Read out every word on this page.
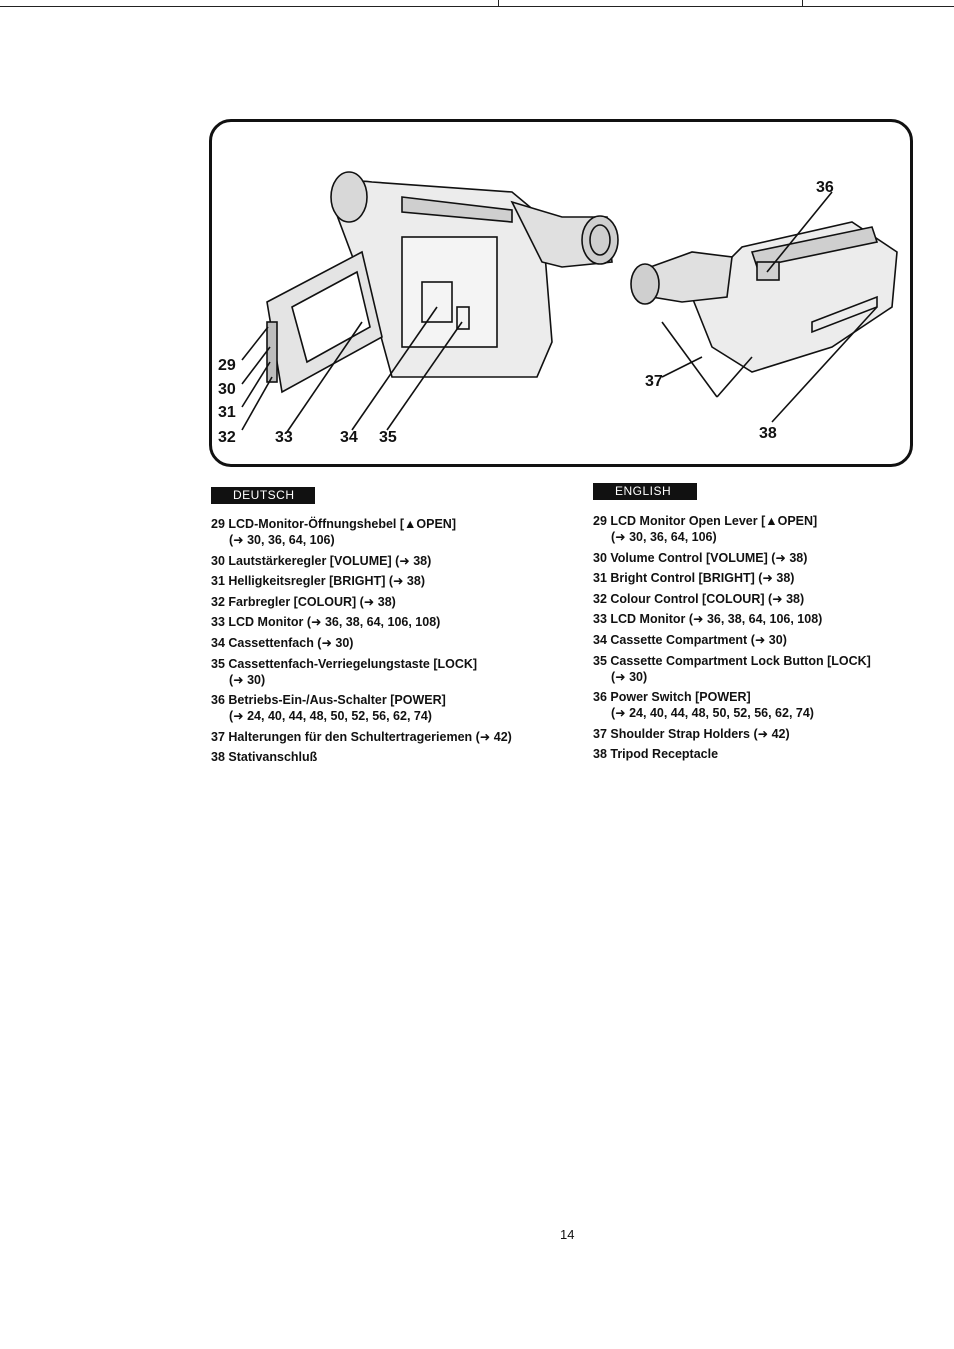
29
30
31
32 33	34 35
36
37
38
DEUTSCH	ENGLISH
29 LCD-Monitor-Öffnungshebel [▲OPEN]
(➜ 30, 36, 64, 106)
30 Lautstärkeregler [VOLUME] (➜ 38)
31 Helligkeitsregler [BRIGHT] (➜ 38)
32 Farbregler [COLOUR] (➜ 38)
33 LCD Monitor (➜ 36, 38, 64, 106, 108)
34 Cassettenfach (➜ 30)
35 Cassettenfach-Verriegelungstaste [LOCK]
(➜ 30)
36 Betriebs-Ein-/Aus-Schalter [POWER]
(➜ 24, 40, 44, 48, 50, 52, 56, 62, 74)
37 Halterungen für den Schultertrageriemen (➜ 42)
38 Stativanschluß
29 LCD Monitor Open Lever [▲OPEN]
(➜ 30, 36, 64, 106)
30 Volume Control [VOLUME] (➜ 38)
31 Bright Control [BRIGHT] (➜ 38)
32 Colour Control [COLOUR] (➜ 38)
33 LCD Monitor (➜ 36, 38, 64, 106, 108)
34 Cassette Compartment (➜ 30)
35 Cassette Compartment Lock Button [LOCK]
(➜ 30)
36 Power Switch [POWER]
(➜ 24, 40, 44, 48, 50, 52, 56, 62, 74)
37 Shoulder Strap Holders (➜ 42)
38 Tripod Receptacle
14
